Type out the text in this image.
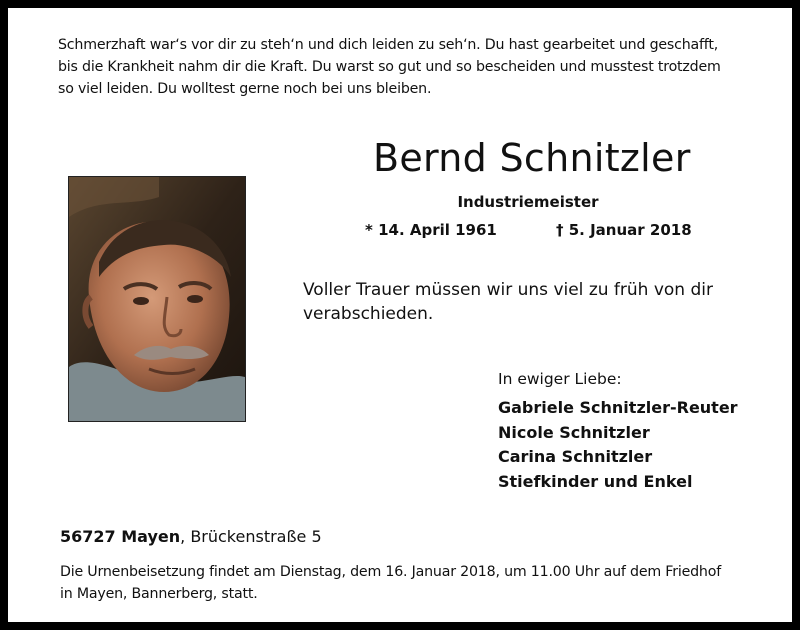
Schmerzhaft war‘s vor dir zu steh‘n und dich leiden zu seh‘n. Du hast gearbeitet und geschafft,
bis die Krankheit nahm dir die Kraft. Du warst so gut und so bescheiden und musstest trotzdem
so viel leiden. Du wolltest gerne noch bei uns bleiben.
Bernd Schnitzler
Industriemeister
* 14. April 1961	† 5. Januar 2018
Voller Trauer müssen wir uns viel zu früh von dir
verabschieden.
In ewiger Liebe:
Gabriele Schnitzler-Reuter
Nicole Schnitzler
Carina Schnitzler
Stiefkinder und Enkel
56727 Mayen, Brückenstraße 5
Die Urnenbeisetzung findet am Dienstag, dem 16. Januar 2018, um 11.00 Uhr auf dem Friedhof
in Mayen, Bannerberg, statt.
